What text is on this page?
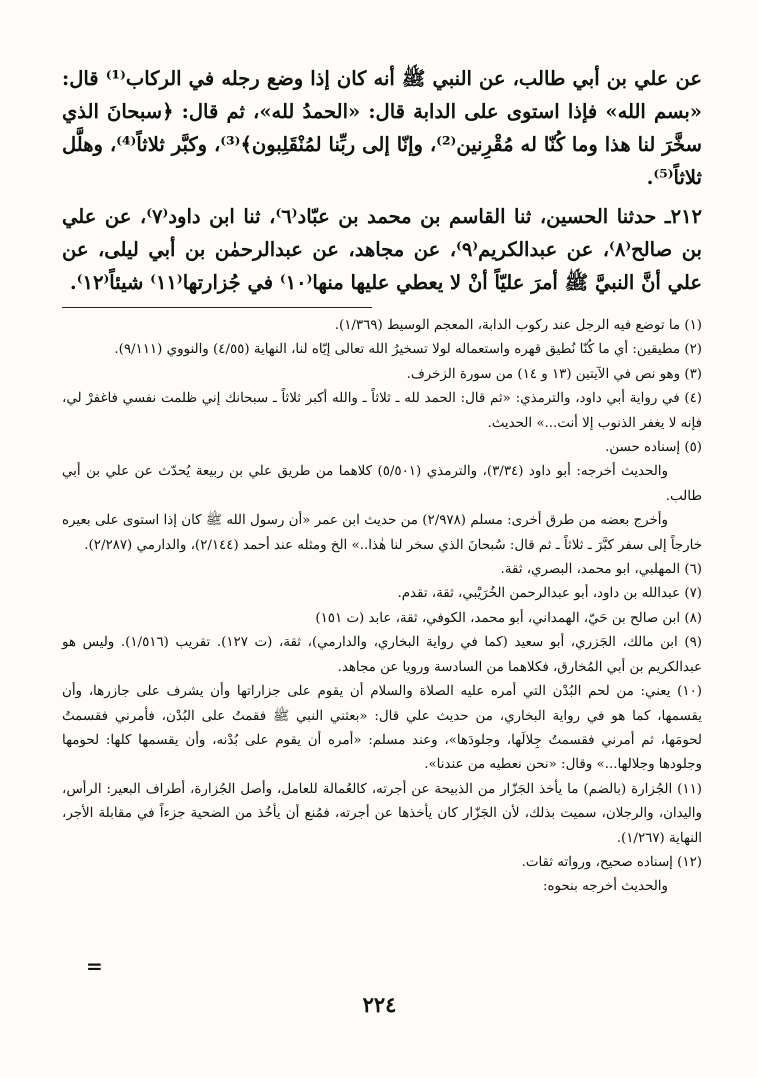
عن علي بن أبي طالب، عن النبي ﷺ أنه كان إذا وضع رجله في الركاب⁽¹⁾ قال: «بسم الله» فإذا استوى على الدابة قال: «الحمدُ لله»، ثم قال: ﴿سبحانَ الذي سخَّرَ لنا هذا وما كُنّا له مُقْرِنين⁽²⁾، وإنّا إلى ربِّنا لمُنْقَلِبون﴾⁽³⁾، وكبَّر ثلاثاً⁽⁴⁾، وهلَّل ثلاثاً⁽⁵⁾.

٢١٢ـ حدثنا الحسين، ثنا القاسم بن محمد بن عبّاد⁽٦⁾، ثنا ابن داود⁽٧⁾، عن علي بن صالح⁽٨⁾، عن عبدالكريم⁽٩⁾، عن مجاهد، عن عبدالرحمٰن بن أبي ليلى، عن علي أنَّ النبيَّ ﷺ أمرَ عليّاً أنْ لا يعطي عليها منها⁽١٠⁾ في جُزارتها⁽١١⁾ شيئاً⁽١٢⁾.

(١) ما توضع فيه الرجل عند ركوب الدابة، المعجم الوسيط (١/٣٦٩).

(٢) مطيقين: أي ما كُنّا نُطيق قهره واستعماله لولا تسخيرُ الله تعالى إيّاه لنا، النهاية (٤/٥٥) والنووي (٩/١١١).

(٣) وهو نص في الآيتين (١٣ و ١٤) من سورة الزخرف.

(٤) في رواية أبي داود، والترمذي: «ثم قال: الحمد لله ـ ثلاثاً ـ والله أكبر ثلاثاً ـ سبحانك إني ظلمت نفسي فاغفرْ لي، فإنه لا يغفر الذنوب إلا أنت...» الحديث.

(٥) إسناده حسن.

والحديث أخرجه: أبو داود (٣/٣٤)، والترمذي (٥/٥٠١) كلاهما من طريق علي بن ربيعة يُحدّث عن علي بن أبي طالب.

وأخرج بعضه من طرق أخرى: مسلم (٢/٩٧٨) من حديث ابن عمر «أن رسول الله ﷺ كان إذا استوى على بعيره خارجاً إلى سفر كبَّرَ ـ ثلاثاً ـ ثم قال: سُبحانَ الذي سخر لنا هٰذا..» الخ ومثله عند أحمد (٢/١٤٤)، والدارمي (٢/٢٨٧).

(٦) المهلبي، ابو محمد، البصري، ثقة.

(٧) عبدالله بن داود، أبو عبدالرحمن الخُرَيْبي، ثقة، تقدم.

(٨) ابن صالح بن حَيّ، الهمداني، أبو محمد، الكوفي، ثقة، عابد (ت ١٥١)

(٩) ابن مالك، الجَزري، أبو سعيد (كما في رواية البخاري، والدارمي)، ثقة، (ت ١٢٧). تقريب (١/٥١٦). وليس هو عبدالكريم بن أبي المُخارق، فكلاهما من السادسة ورويا عن مجاهد.

(١٠) يعني: من لحم البُدْن التي أمره عليه الصلاة والسلام أن يقوم على جزاراتها وأن يشرف على جازرها، وأن يقسمها، كما هو في رواية البخاري، من حديث علي قال: «بعثني النبي ﷺ فقمتُ على البُدْن، فأمرني فقسمتُ لحومَها، ثم أمرني فقسمتُ جِلالَها، وجلودَها»، وعند مسلم: «أمره أن يقوم على بُدْنه، وأن يقسمها كلها: لحومها وجلودها وجلالها...» وقال: «نحن نعطيه من عندنا».

(١١) الجُزارة (بالضم) ما يأخذ الجَزّار من الذبيحة عن أجرته، كالعُمالة للعامل، وأصل الجُزارة، أطراف البعير: الرأس، واليدان، والرجلان، سميت بذلك، لأن الجَزّار كان يأخذها عن أجرته، فمُنع أن يأخُذ من الضحية جزءاً في مقابلة الأجر، النهاية (١/٢٦٧).

(١٢) إسناده صحيح، ورواته ثقات.

والحديث أخرجه بنحوه:

=
٢٢٤
